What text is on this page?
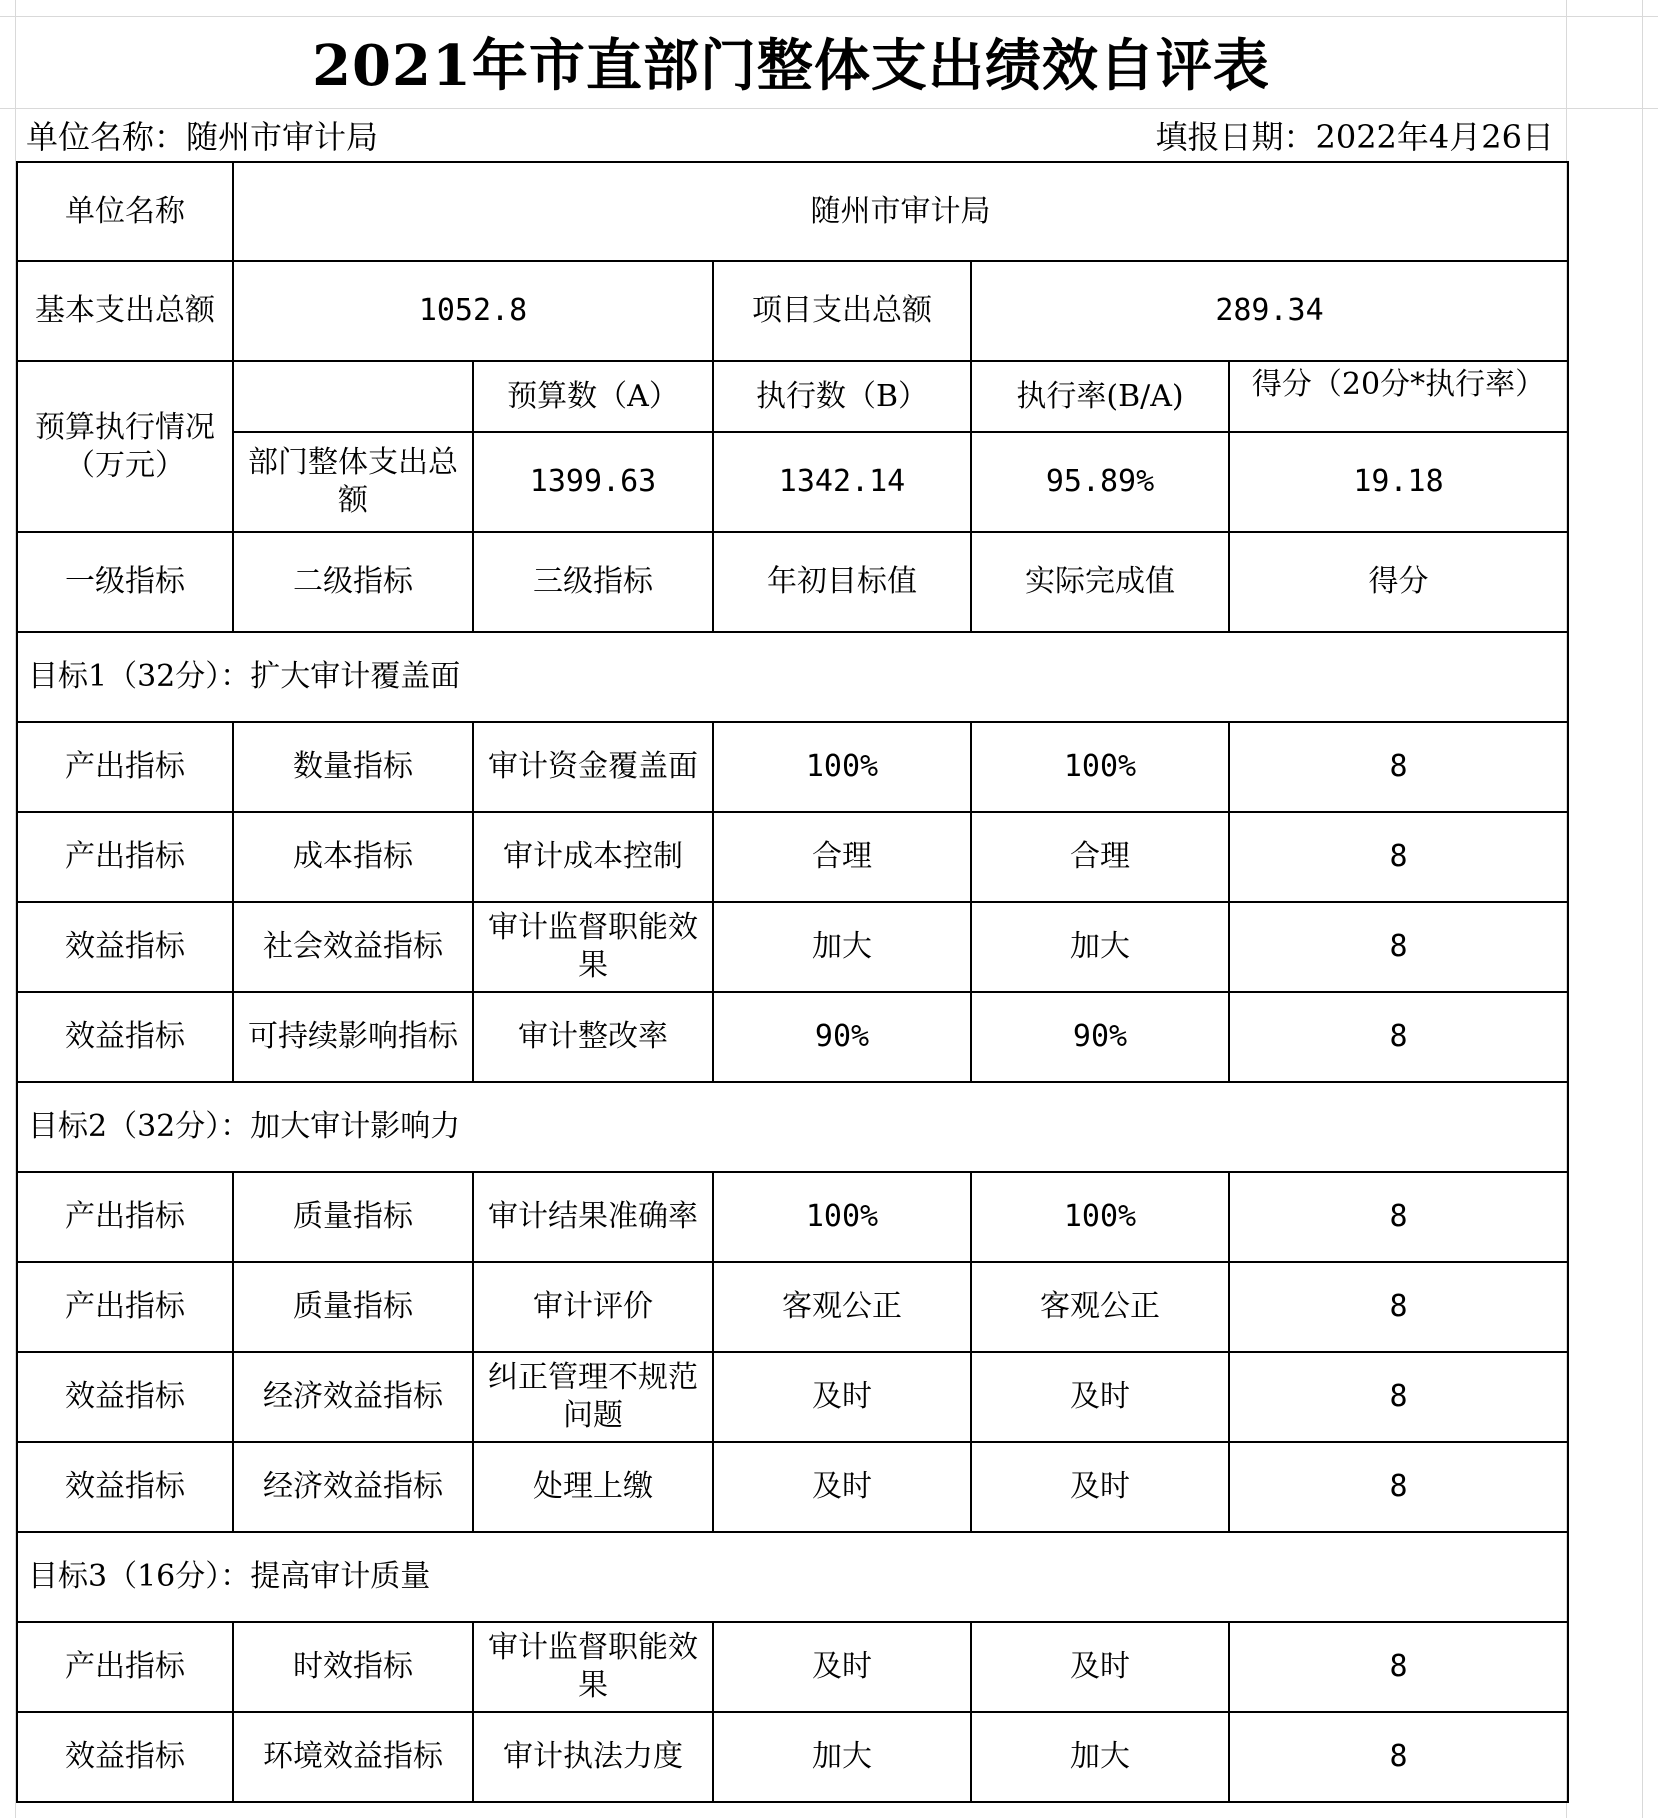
2021年市直部门整体支出绩效自评表
单位名称：随州市审计局	填报日期：2022年4月26日
单位名称	随州市审计局				
基本支出总额	1052.8		项目支出总额	289.34	
预算执行情况（万元）		预算数（A）	执行数（B）	执行率(B/A)	得分（20分*执行率）

	部门整体支出总额	1399.63	1342.14	95.89%	19.18
一级指标	二级指标	三级指标	年初目标值	实际完成值	得分
目标1（32分）：扩大审计覆盖面					
产出指标	数量指标	审计资金覆盖面	100%	100%	8
产出指标	成本指标	审计成本控制	合理	合理	8
效益指标	社会效益指标	审计监督职能效果	加大	加大	8
效益指标	可持续影响指标	审计整改率	90%	90%	8
目标2（32分）：加大审计影响力					
产出指标	质量指标	审计结果准确率	100%	100%	8
产出指标	质量指标	审计评价	客观公正	客观公正	8
效益指标	经济效益指标	纠正管理不规范问题	及时	及时	8
效益指标	经济效益指标	处理上缴	及时	及时	8
目标3（16分）：提高审计质量					
产出指标	时效指标	审计监督职能效果	及时	及时	8
效益指标	环境效益指标	审计执法力度	加大	加大	8
